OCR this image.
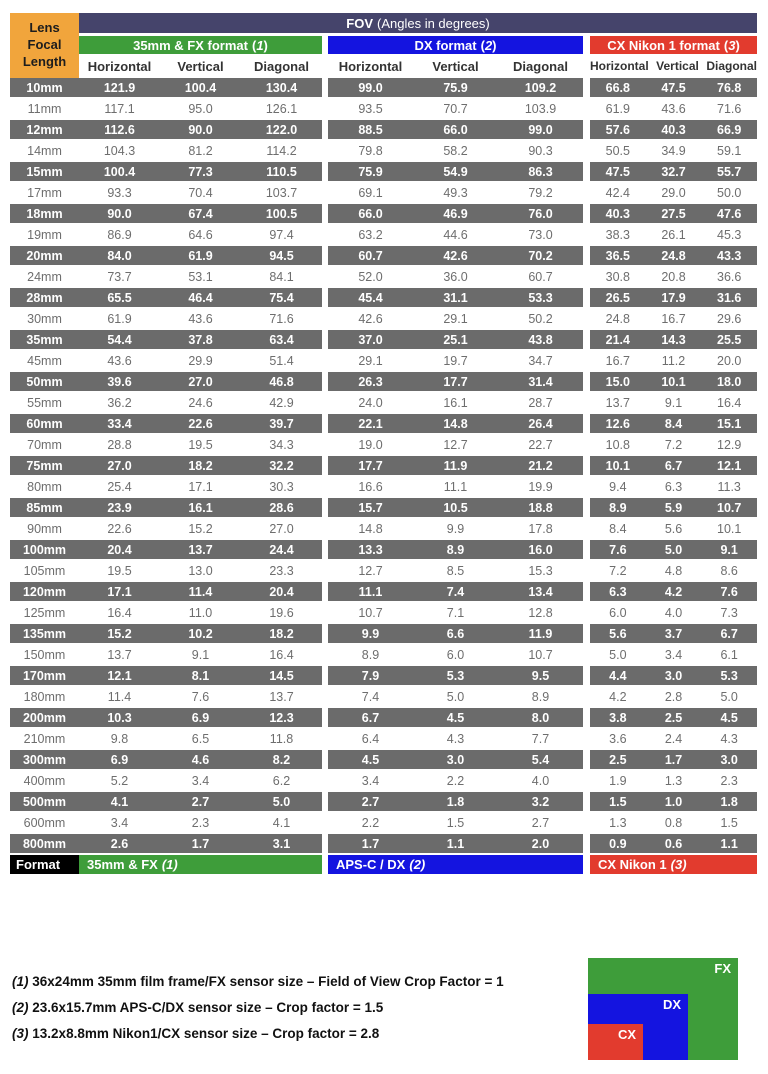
Lens
Focal
Length
FOV (Angles in degrees)
35mm & FX format (1)	DX format (2)	CX Nikon 1 format (3)
Horizontal	Vertical	Diagonal	Horizontal	Vertical	Diagonal	Horizontal Vertical Diagonal
10mm	121.9	100.4	130.4	99.0	75.9	109.2	66.8	47.5	76.8
11mm	117.1	95.0	126.1	93.5	70.7	103.9	61.9	43.6	71.6
12mm	112.6	90.0	122.0	88.5	66.0	99.0	57.6	40.3	66.9
14mm	104.3	81.2	114.2	79.8	58.2	90.3	50.5	34.9	59.1
15mm	100.4	77.3	110.5	75.9	54.9	86.3	47.5	32.7	55.7
17mm	93.3	70.4	103.7	69.1	49.3	79.2	42.4	29.0	50.0
18mm	90.0	67.4	100.5	66.0	46.9	76.0	40.3	27.5	47.6
19mm	86.9	64.6	97.4	63.2	44.6	73.0	38.3	26.1	45.3
20mm	84.0	61.9	94.5	60.7	42.6	70.2	36.5	24.8	43.3
24mm	73.7	53.1	84.1	52.0	36.0	60.7	30.8	20.8	36.6
28mm	65.5	46.4	75.4	45.4	31.1	53.3	26.5	17.9	31.6
30mm	61.9	43.6	71.6	42.6	29.1	50.2	24.8	16.7	29.6
35mm	54.4	37.8	63.4	37.0	25.1	43.8	21.4	14.3	25.5
45mm	43.6	29.9	51.4	29.1	19.7	34.7	16.7	11.2	20.0
50mm	39.6	27.0	46.8	26.3	17.7	31.4	15.0	10.1	18.0
55mm	36.2	24.6	42.9	24.0	16.1	28.7	13.7	9.1	16.4
60mm	33.4	22.6	39.7	22.1	14.8	26.4	12.6	8.4	15.1
70mm	28.8	19.5	34.3	19.0	12.7	22.7	10.8	7.2	12.9
75mm	27.0	18.2	32.2	17.7	11.9	21.2	10.1	6.7	12.1
80mm	25.4	17.1	30.3	16.6	11.1	19.9	9.4	6.3	11.3
85mm	23.9	16.1	28.6	15.7	10.5	18.8	8.9	5.9	10.7
90mm	22.6	15.2	27.0	14.8	9.9	17.8	8.4	5.6	10.1
100mm	20.4	13.7	24.4	13.3	8.9	16.0	7.6	5.0	9.1
105mm	19.5	13.0	23.3	12.7	8.5	15.3	7.2	4.8	8.6
120mm	17.1	11.4	20.4	11.1	7.4	13.4	6.3	4.2	7.6
125mm	16.4	11.0	19.6	10.7	7.1	12.8	6.0	4.0	7.3
135mm	15.2	10.2	18.2	9.9	6.6	11.9	5.6	3.7	6.7
150mm	13.7	9.1	16.4	8.9	6.0	10.7	5.0	3.4	6.1
170mm	12.1	8.1	14.5	7.9	5.3	9.5	4.4	3.0	5.3
180mm	11.4	7.6	13.7	7.4	5.0	8.9	4.2	2.8	5.0
200mm	10.3	6.9	12.3	6.7	4.5	8.0	3.8	2.5	4.5
210mm	9.8	6.5	11.8	6.4	4.3	7.7	3.6	2.4	4.3
300mm	6.9	4.6	8.2	4.5	3.0	5.4	2.5	1.7	3.0
400mm	5.2	3.4	6.2	3.4	2.2	4.0	1.9	1.3	2.3
500mm	4.1	2.7	5.0	2.7	1.8	3.2	1.5	1.0	1.8
600mm	3.4	2.3	4.1	2.2	1.5	2.7	1.3	0.8	1.5
800mm	2.6	1.7	3.1	1.7	1.1	2.0	0.9	0.6	1.1
Format	35mm & FX (1)	APS-C / DX (2)	CX Nikon 1 (3)
(1) 36x24mm 35mm film frame/FX sensor size – Field of View Crop Factor = 1
(2) 23.6x15.7mm APS-C/DX sensor size – Crop factor = 1.5
(3) 13.2x8.8mm Nikon1/CX sensor size – Crop factor = 2.8
FX
DX
CX
